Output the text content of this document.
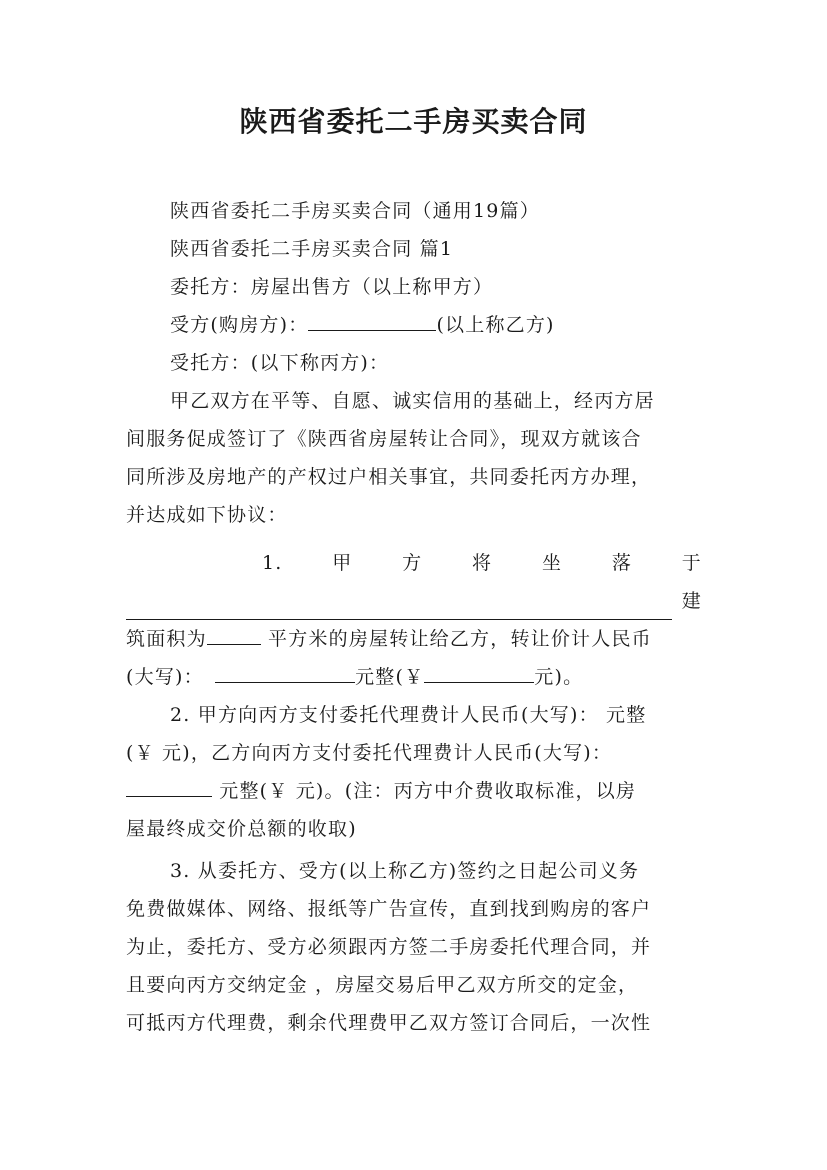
陕西省委托二手房买卖合同
陕西省委托二手房买卖合同（通用19篇）
陕西省委托二手房买卖合同 篇1
委托方：房屋出售方（以上称甲方）
受方(购房方)：	(以上称乙方)
受托方：(以下称丙方)：
甲乙双方在平等、自愿、诚实信用的基础上，经丙方居
间服务促成签订了《陕西省房屋转让合同》，现双方就该合
同所涉及房地产的产权过户相关事宜，共同委托丙方办理，
并达成如下协议：
1.	甲	方	将	坐	落	于
建
筑面积为	平方米的房屋转让给乙方，转让价计人民币
(大写)：	元整(￥	元)。
2. 甲方向丙方支付委托代理费计人民币(大写)： 元整
(￥ 元)，乙方向丙方支付委托代理费计人民币(大写)：
元整(￥ 元)。(注：丙方中介费收取标准，以房
屋最终成交价总额的收取)
3. 从委托方、受方(以上称乙方)签约之日起公司义务
免费做媒体、网络、报纸等广告宣传，直到找到购房的客户
为止，委托方、受方必须跟丙方签二手房委托代理合同，并
且要向丙方交纳定金 ，房屋交易后甲乙双方所交的定金，
可抵丙方代理费，剩余代理费甲乙双方签订合同后，一次性
